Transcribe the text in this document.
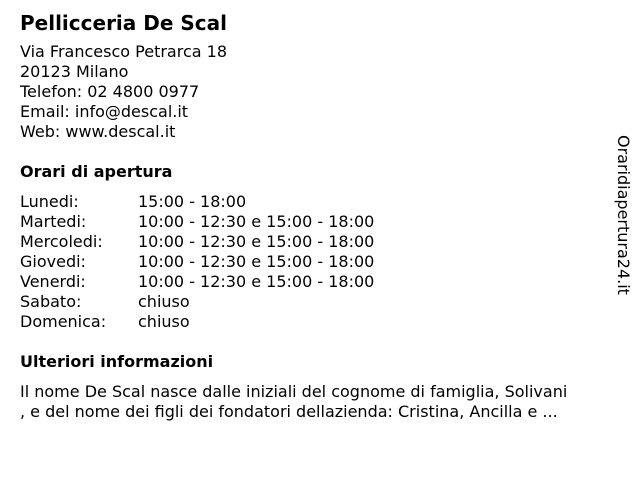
Pellicceria De Scal
Via Francesco Petrarca 18
20123 Milano
Telefon: 02 4800 0977
Email: info@descal.it
Web: www.descal.it
Orari di apertura
Lunedi:	15:00 - 18:00
Martedi:	10:00 - 12:30 e 15:00 - 18:00
Mercoledi:	10:00 - 12:30 e 15:00 - 18:00
Giovedi:	10:00 - 12:30 e 15:00 - 18:00
Venerdi:	10:00 - 12:30 e 15:00 - 18:00
Sabato:	chiuso
Domenica:	chiuso
Ulteriori informazioni
Il nome De Scal nasce dalle iniziali del cognome di famiglia, Solivani
, e del nome dei figli dei fondatori dellazienda: Cristina, Ancilla e ...
Oraridiapertura24.it
